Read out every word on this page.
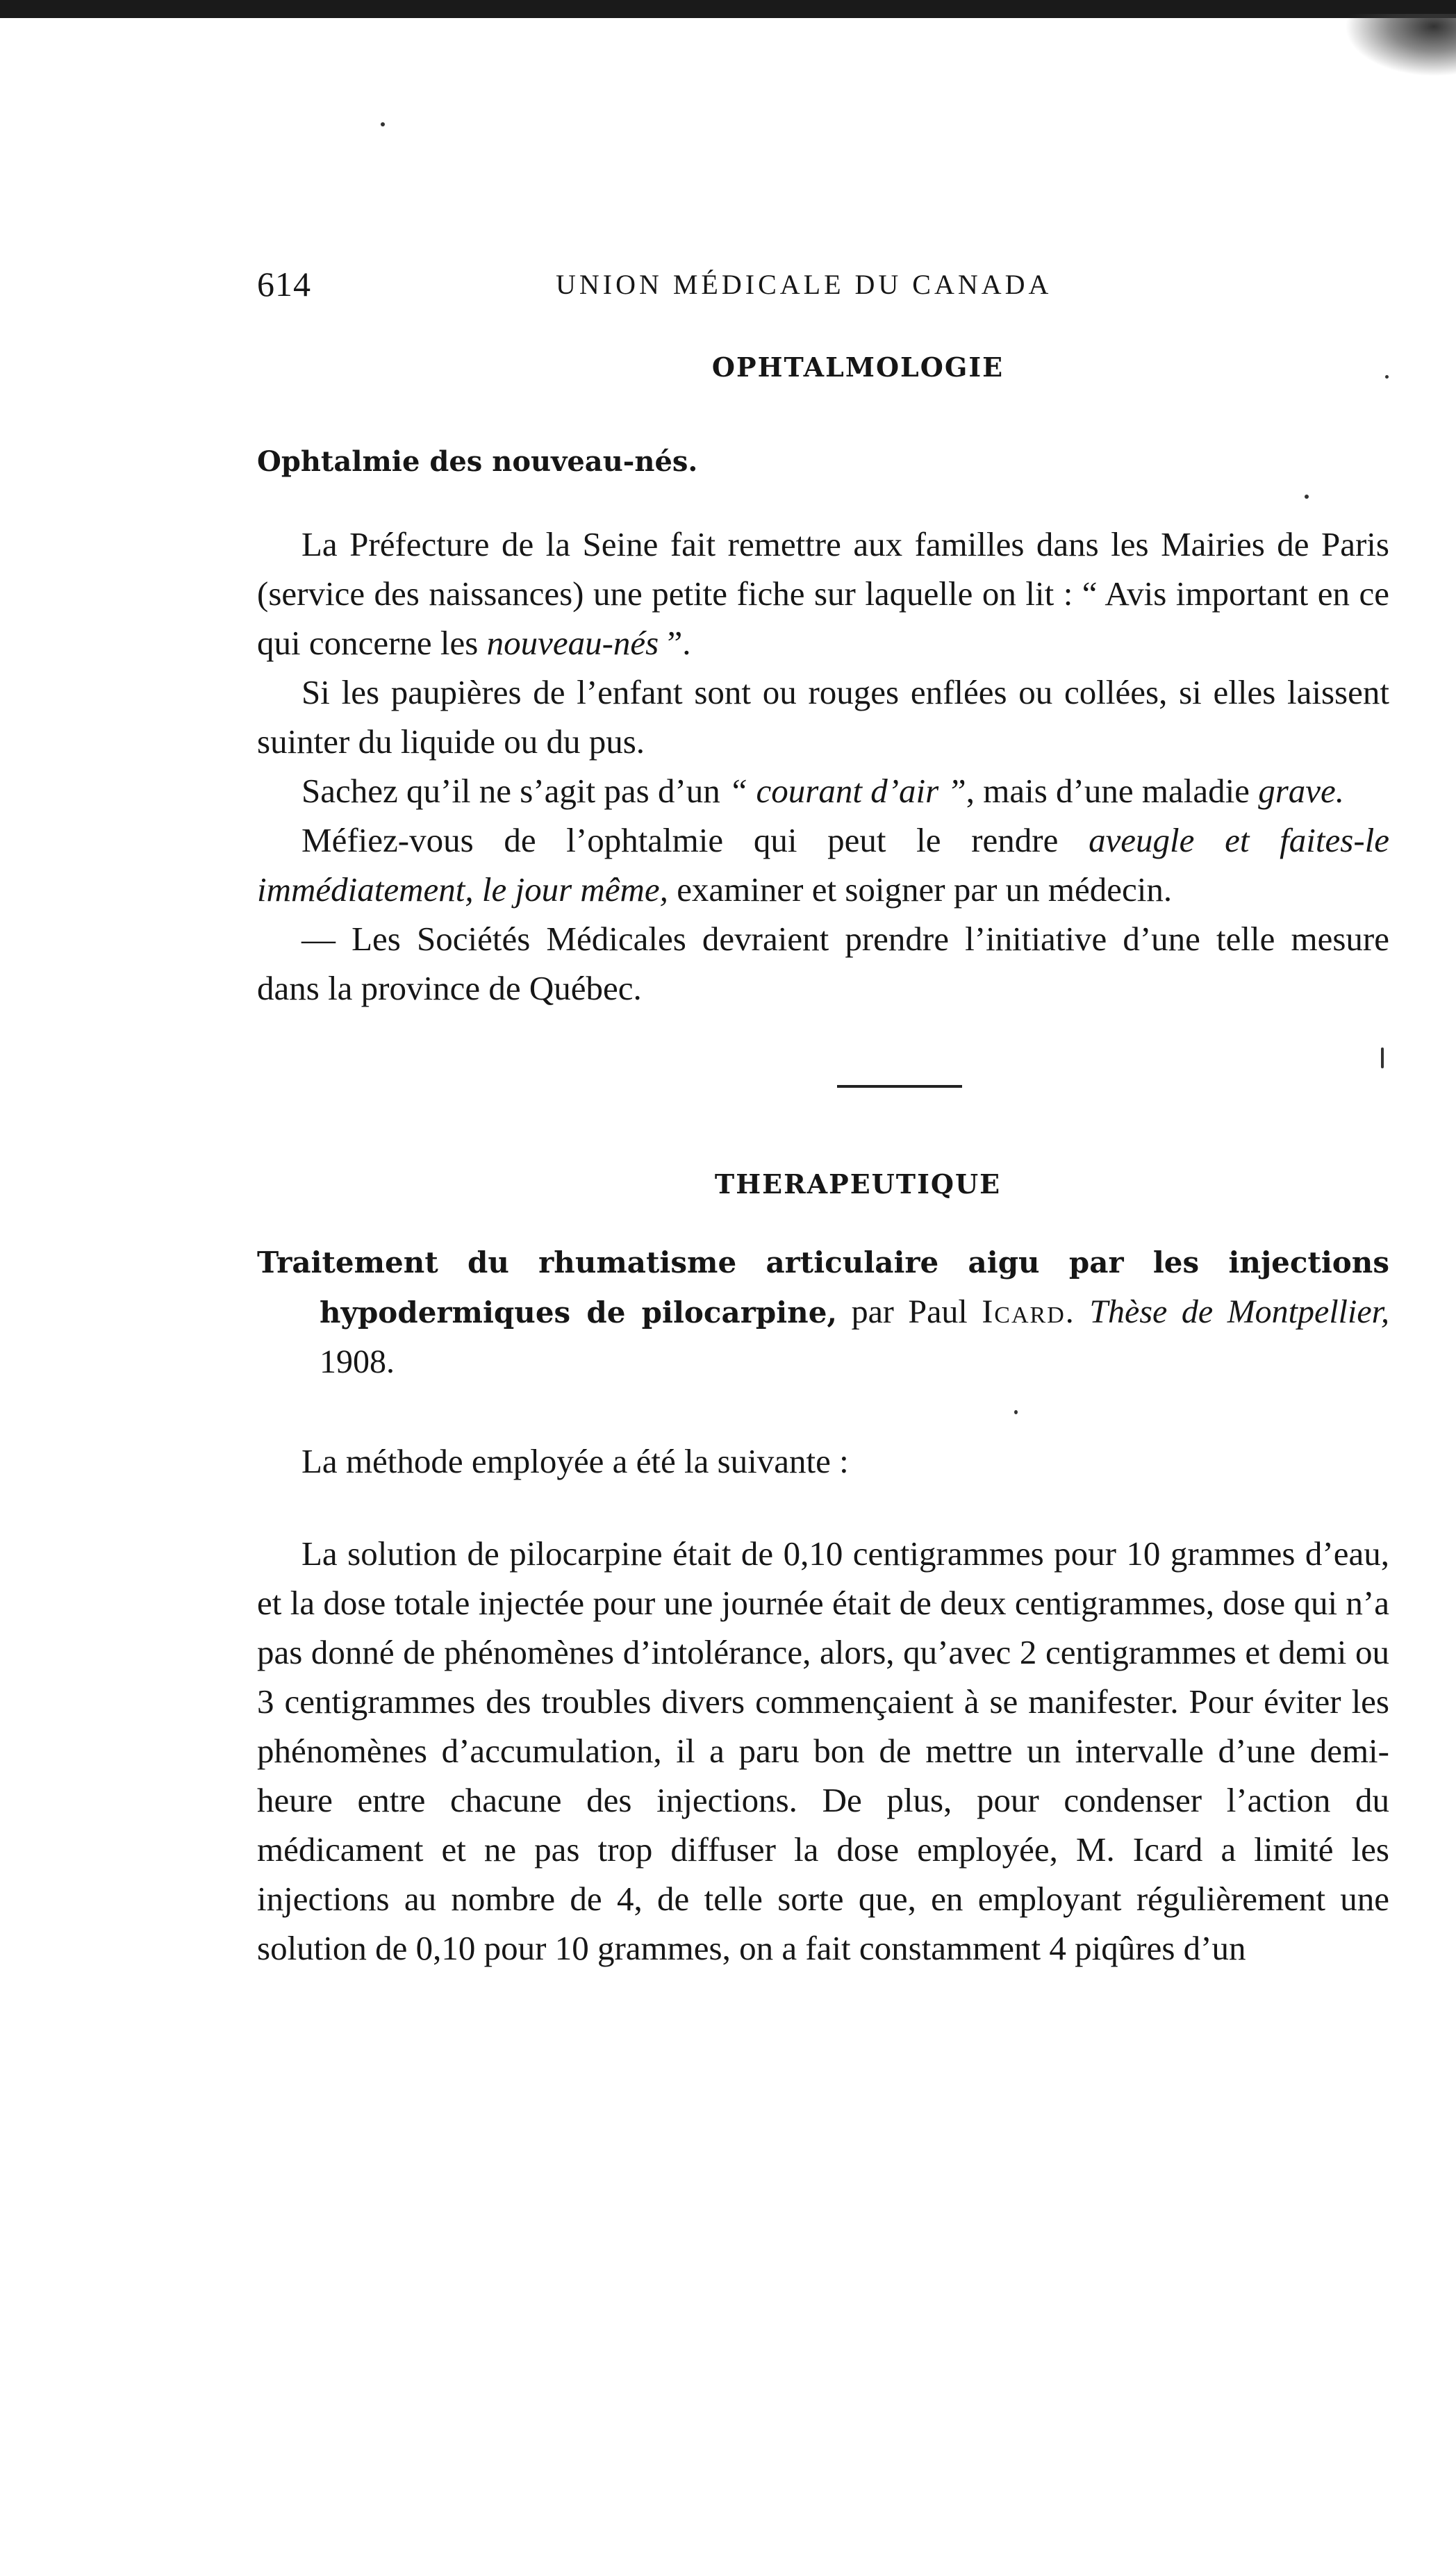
614	UNION MÉDICALE DU CANADA
OPHTALMOLOGIE
Ophtalmie des nouveau-nés.

La Préfecture de la Seine fait remettre aux familles dans les Mairies de Paris (service des naissances) une petite fiche sur laquelle on lit : “ Avis important en ce qui concerne les nouveau-nés ”.

Si les paupières de l’enfant sont ou rouges enflées ou collées, si elles laissent suinter du liquide ou du pus.

Sachez qu’il ne s’agit pas d’un “ courant d’air ”, mais d’une maladie grave.

Méfiez-vous de l’ophtalmie qui peut le rendre aveugle et faites-le immédiatement, le jour même, examiner et soigner par un médecin.

— Les Sociétés Médicales devraient prendre l’initiative d’une telle mesure dans la province de Québec.

THERAPEUTIQUE
Traitement du rhumatisme articulaire aigu par les injections hypodermiques de pilocarpine, par Paul Icard. Thèse de Montpellier, 1908.

La méthode employée a été la suivante :

La solution de pilocarpine était de 0,10 centigrammes pour 10 grammes d’eau, et la dose totale injectée pour une journée était de deux centigrammes, dose qui n’a pas donné de phénomènes d’intolérance, alors, qu’avec 2 centigrammes et demi ou 3 centigrammes des troubles divers commençaient à se manifester. Pour éviter les phénomènes d’accumulation, il a paru bon de mettre un intervalle d’une demi-heure entre chacune des injections. De plus, pour condenser l’action du médicament et ne pas trop diffuser la dose employée, M. Icard a limité les injections au nombre de 4, de telle sorte que, en employant régulièrement une solution de 0,10 pour 10 grammes, on a fait constamment 4 piqûres d’un
